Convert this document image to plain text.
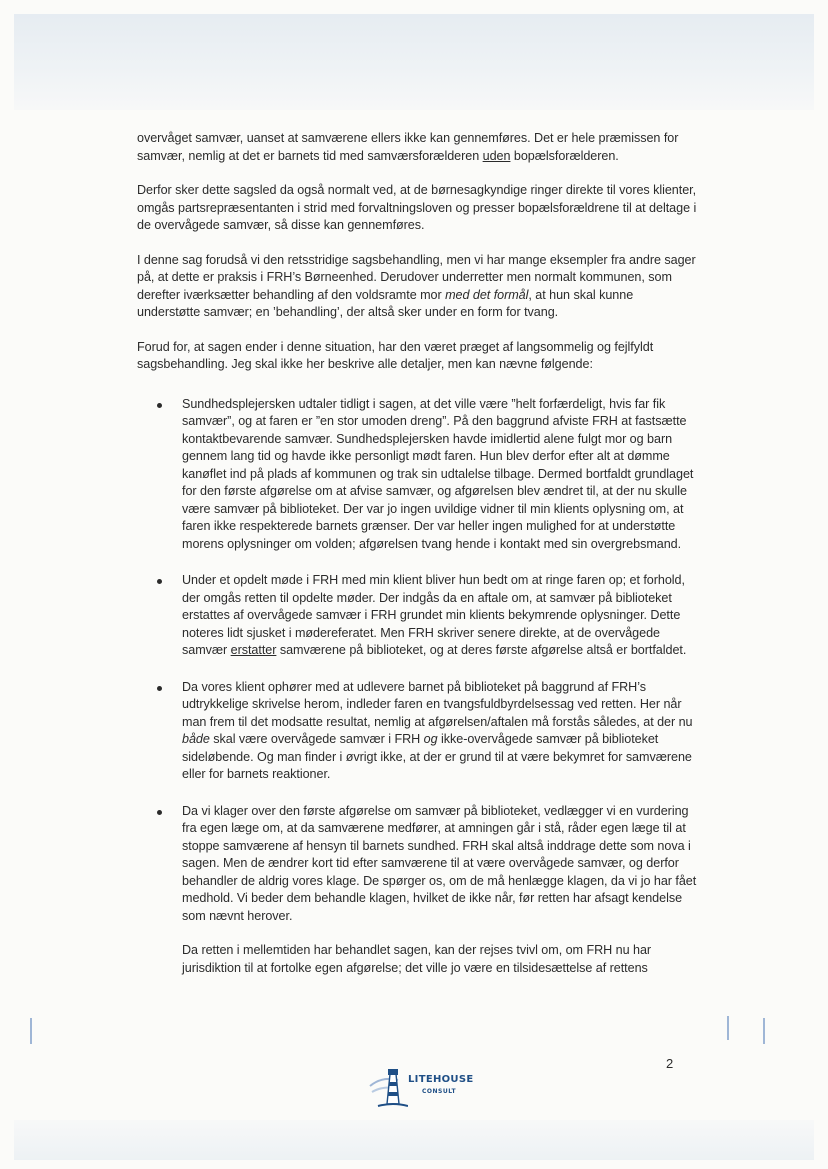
overvåget samvær, uanset at samværene ellers ikke kan gennemføres. Det er hele præmissen for samvær, nemlig at det er barnets tid med samværsforælderen uden bopælsforælderen.

Derfor sker dette sagsled da også normalt ved, at de børnesagkyndige ringer direkte til vores klienter, omgås partsrepræsentanten i strid med forvaltningsloven og presser bopælsforældrene til at deltage i de overvågede samvær, så disse kan gennemføres.

I denne sag forudså vi den retsstridige sagsbehandling, men vi har mange eksempler fra andre sager på, at dette er praksis i FRH’s Børneenhed. Derudover underretter men normalt kommunen, som derefter iværksætter behandling af den voldsramte mor med det formål, at hun skal kunne understøtte samvær; en ’behandling’, der altså sker under en form for tvang.

Forud for, at sagen ender i denne situation, har den været præget af langsommelig og fejlfyldt sagsbehandling. Jeg skal ikke her beskrive alle detaljer, men kan nævne følgende:

Sundhedsplejersken udtaler tidligt i sagen, at det ville være ”helt forfærdeligt, hvis far fik samvær”, og at faren er ”en stor umoden dreng”. På den baggrund afviste FRH at fastsætte kontaktbevarende samvær. Sundhedsplejersken havde imidlertid alene fulgt mor og barn gennem lang tid og havde ikke personligt mødt faren. Hun blev derfor efter alt at dømme kanøflet ind på plads af kommunen og trak sin udtalelse tilbage. Dermed bortfaldt grundlaget for den første afgørelse om at afvise samvær, og afgørelsen blev ændret til, at der nu skulle være samvær på biblioteket. Der var jo ingen uvildige vidner til min klients oplysning om, at faren ikke respekterede barnets grænser. Der var heller ingen mulighed for at understøtte morens oplysninger om volden; afgørelsen tvang hende i kontakt med sin overgrebsmand.

Under et opdelt møde i FRH med min klient bliver hun bedt om at ringe faren op; et forhold, der omgås retten til opdelte møder. Der indgås da en aftale om, at samvær på biblioteket erstattes af overvågede samvær i FRH grundet min klients bekymrende oplysninger. Dette noteres lidt sjusket i mødereferatet. Men FRH skriver senere direkte, at de overvågede samvær erstatter samværene på biblioteket, og at deres første afgørelse altså er bortfaldet.

Da vores klient ophører med at udlevere barnet på biblioteket på baggrund af FRH’s udtrykkelige skrivelse herom, indleder faren en tvangsfuldbyrdelsessag ved retten. Her når man frem til det modsatte resultat, nemlig at afgørelsen/aftalen må forstås således, at der nu både skal være overvågede samvær i FRH og ikke-overvågede samvær på biblioteket sideløbende. Og man finder i øvrigt ikke, at der er grund til at være bekymret for samværene eller for barnets reaktioner.

Da vi klager over den første afgørelse om samvær på biblioteket, vedlægger vi en vurdering fra egen læge om, at da samværene medfører, at amningen går i stå, råder egen læge til at stoppe samværene af hensyn til barnets sundhed. FRH skal altså inddrage dette som nova i sagen. Men de ændrer kort tid efter samværene til at være overvågede samvær, og derfor behandler de aldrig vores klage. De spørger os, om de må henlægge klagen, da vi jo har fået medhold. Vi beder dem behandle klagen, hvilket de ikke når, før retten har afsagt kendelse som nævnt herover.

Da retten i mellemtiden har behandlet sagen, kan der rejses tvivl om, om FRH nu har jurisdiktion til at fortolke egen afgørelse; det ville jo være en tilsidesættelse af rettens

2
LITEHOUSE
CONSULT
